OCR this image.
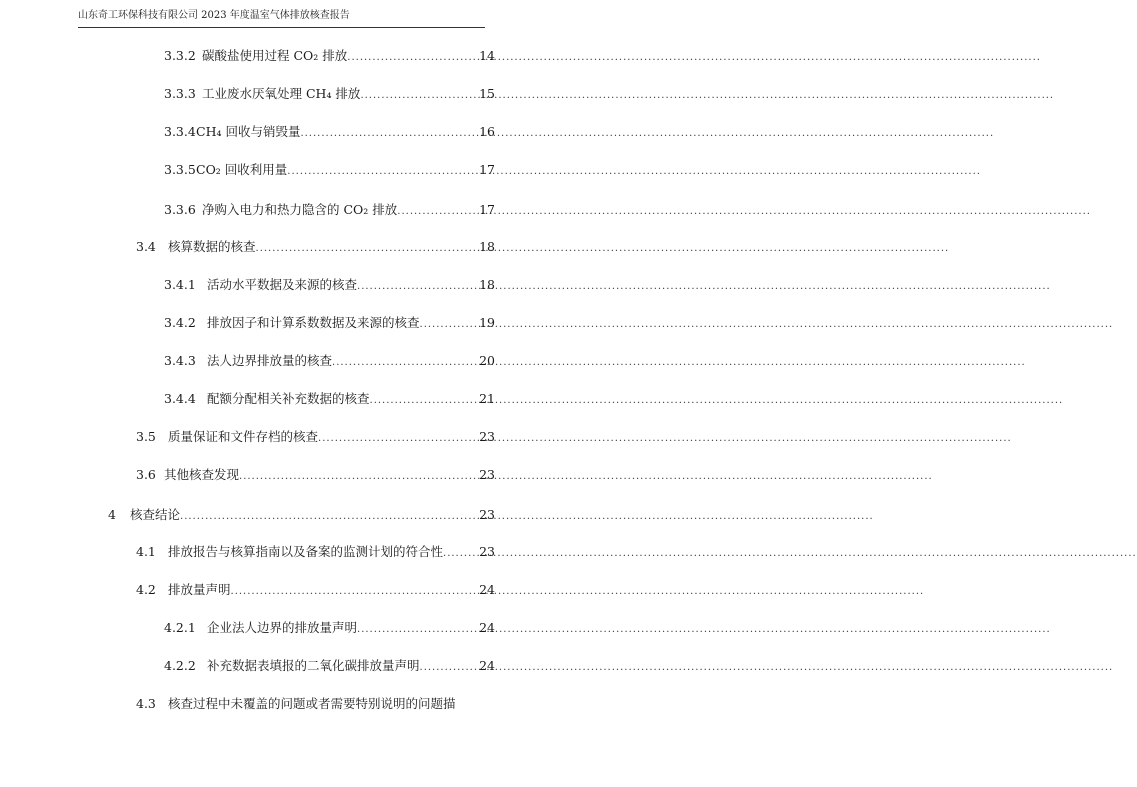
山东奇工环保科技有限公司 2023 年度温室气体排放核查报告
3.3.2 碳酸盐使用过程 CO₂ 排放 .....	14
3.3.3 工业废水厌氧处理 CH₄ 排放 .....	15
3.3.4 CH₄ 回收与销毁量 .....	16
3.3.5 CO₂ 回收利用量 .....	17
3.3.6 净购入电力和热力隐含的 CO₂ 排放 .....	17
3.4 核算数据的核查 .....	18
3.4.1 活动水平数据及来源的核查 .....	18
3.4.2 排放因子和计算系数数据及来源的核查 .....	19
3.4.3 法人边界排放量的核查 .....	20
3.4.4 配额分配相关补充数据的核查 .....	21
3.5 质量保证和文件存档的核查 .....	23
3.6 其他核查发现 .....	23
4	核查结论 .....	23
4.1 排放报告与核算指南以及备案的监测计划的符合性 .....	23
4.2 排放量声明 .....	24
4.2.1 企业法人边界的排放量声明 .....	24
4.2.2 补充数据表填报的二氧化碳排放量声明 .....	24
4.3 核查过程中未覆盖的问题或者需要特别说明的问题描
